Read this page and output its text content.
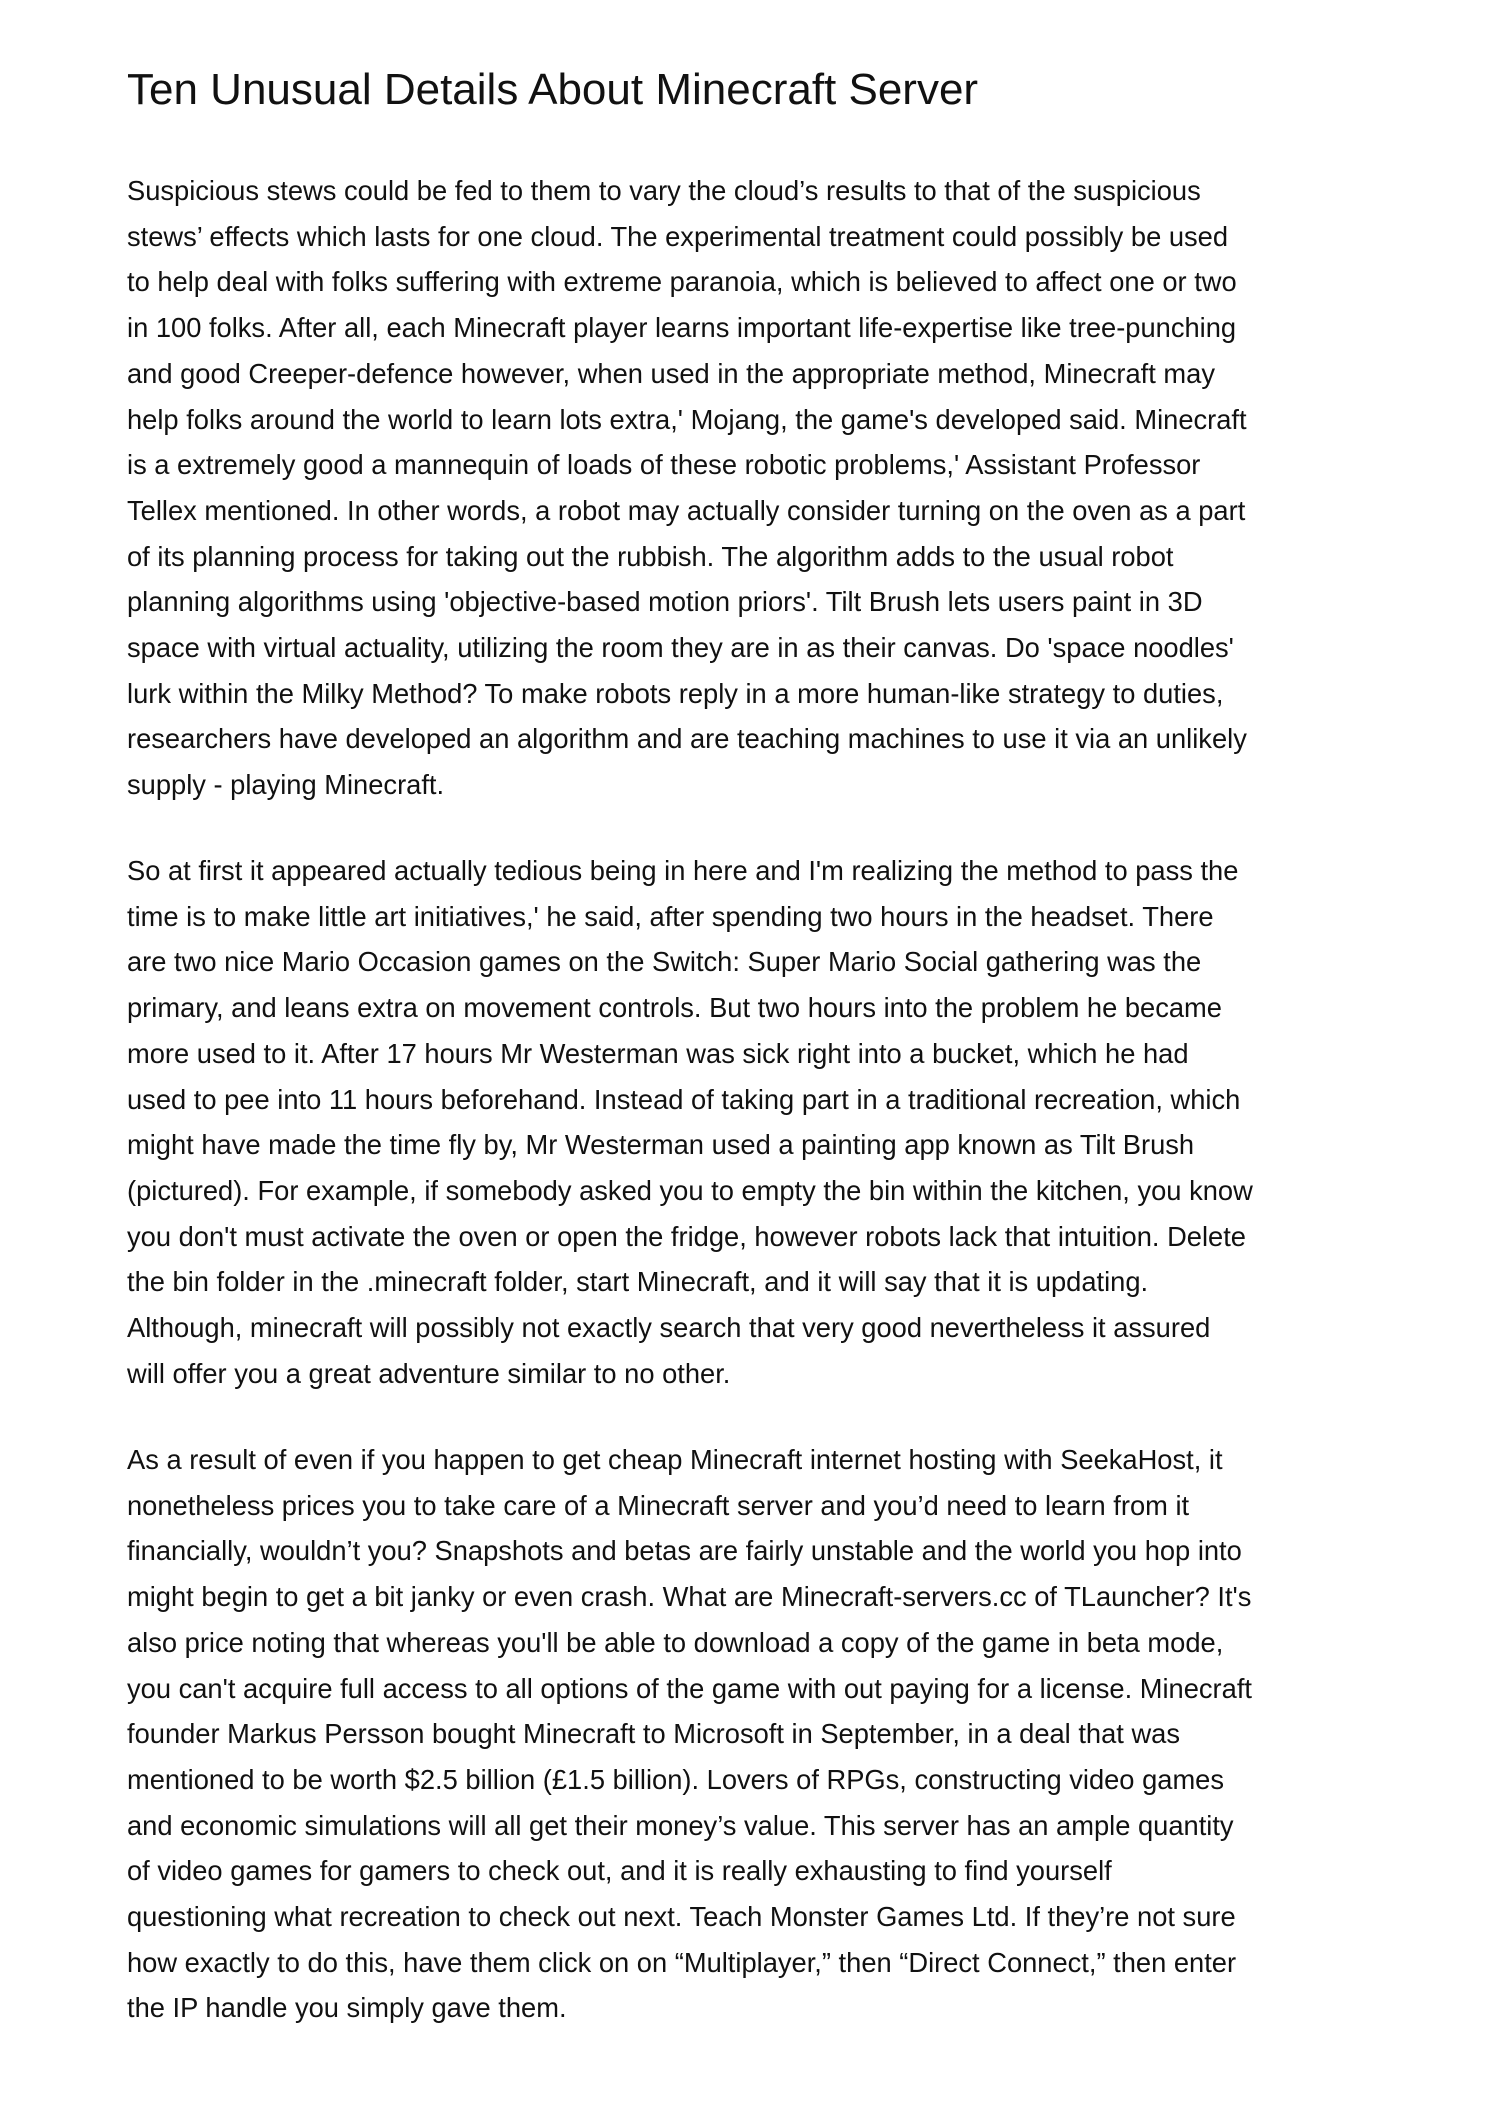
Ten Unusual Details About Minecraft Server

Suspicious stews could be fed to them to vary the cloud’s results to that of the suspicious
stews’ effects which lasts for one cloud. The experimental treatment could possibly be used
to help deal with folks suffering with extreme paranoia, which is believed to affect one or two
in 100 folks. After all, each Minecraft player learns important life-expertise like tree-punching
and good Creeper-defence however, when used in the appropriate method, Minecraft may
help folks around the world to learn lots extra,' Mojang, the game's developed said. Minecraft
is a extremely good a mannequin of loads of these robotic problems,' Assistant Professor
Tellex mentioned. In other words, a robot may actually consider turning on the oven as a part
of its planning process for taking out the rubbish. The algorithm adds to the usual robot
planning algorithms using 'objective-based motion priors'. Tilt Brush lets users paint in 3D
space with virtual actuality, utilizing the room they are in as their canvas. Do 'space noodles'
lurk within the Milky Method? To make robots reply in a more human-like strategy to duties,
researchers have developed an algorithm and are teaching machines to use it via an unlikely
supply - playing Minecraft.

So at first it appeared actually tedious being in here and I'm realizing the method to pass the
time is to make little art initiatives,' he said, after spending two hours in the headset. There
are two nice Mario Occasion games on the Switch: Super Mario Social gathering was the
primary, and leans extra on movement controls. But two hours into the problem he became
more used to it. After 17 hours Mr Westerman was sick right into a bucket, which he had
used to pee into 11 hours beforehand. Instead of taking part in a traditional recreation, which
might have made the time fly by, Mr Westerman used a painting app known as Tilt Brush
(pictured). For example, if somebody asked you to empty the bin within the kitchen, you know
you don't must activate the oven or open the fridge, however robots lack that intuition. Delete
the bin folder in the .minecraft folder, start Minecraft, and it will say that it is updating.
Although, minecraft will possibly not exactly search that very good nevertheless it assured
will offer you a great adventure similar to no other.

As a result of even if you happen to get cheap Minecraft internet hosting with SeekaHost, it
nonetheless prices you to take care of a Minecraft server and you’d need to learn from it
financially, wouldn’t you? Snapshots and betas are fairly unstable and the world you hop into
might begin to get a bit janky or even crash. What are Minecraft-servers.cc of TLauncher? It's
also price noting that whereas you'll be able to download a copy of the game in beta mode,
you can't acquire full access to all options of the game with out paying for a license. Minecraft
founder Markus Persson bought Minecraft to Microsoft in September, in a deal that was
mentioned to be worth $2.5 billion (£1.5 billion). Lovers of RPGs, constructing video games
and economic simulations will all get their money’s value. This server has an ample quantity
of video games for gamers to check out, and it is really exhausting to find yourself
questioning what recreation to check out next. Teach Monster Games Ltd. If they’re not sure
how exactly to do this, have them click on on “Multiplayer,” then “Direct Connect,” then enter
the IP handle you simply gave them.
